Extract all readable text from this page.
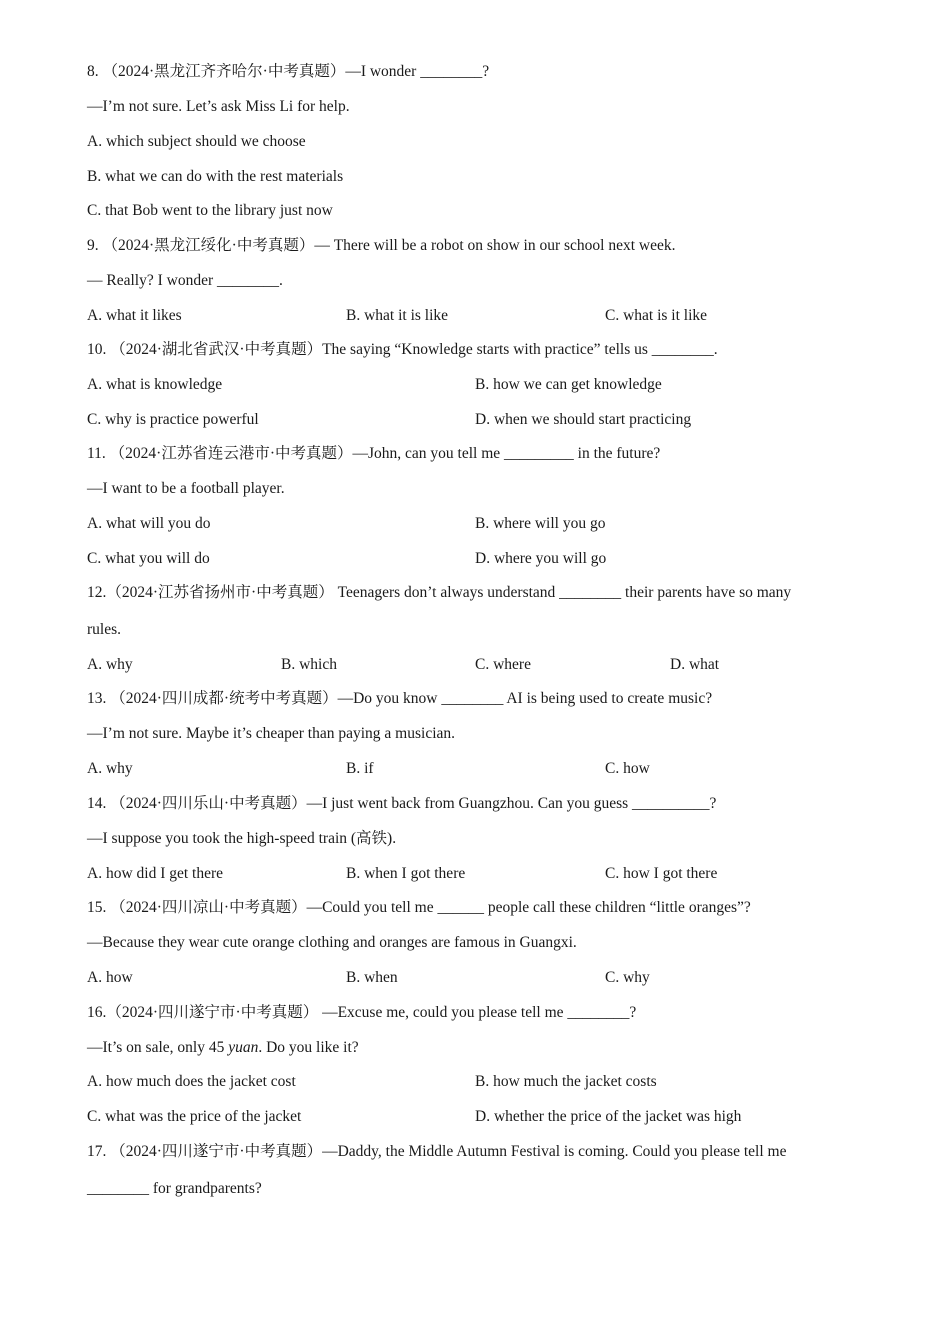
8. （2024·黑龙江齐齐哈尔·中考真题）—I wonder ________?
—I’m not sure. Let’s ask Miss Li for help.
A. which subject should we choose
B. what we can do with the rest materials
C. that Bob went to the library just now
9. （2024·黑龙江绥化·中考真题）— There will be a robot on show in our school next week.
— Really? I wonder ________.
A. what it likes	B. what it is like	C. what is it like
10. （2024·湖北省武汉·中考真题）The saying “Knowledge starts with practice” tells us ________.
A. what is knowledge	B. how we can get knowledge
C. why is practice powerful	D. when we should start practicing
11. （2024·江苏省连云港市·中考真题）—John, can you tell me _________ in the future?
—I want to be a football player.
A. what will you do	B. where will you go
C. what you will do	D. where you will go
12.（2024·江苏省扬州市·中考真题） Teenagers don’t always understand ________ their parents have so many
rules.
A. why	B. which	C. where	D. what
13. （2024·四川成都·统考中考真题）—Do you know ________ AI is being used to create music?
—I’m not sure. Maybe it’s cheaper than paying a musician.
A. why	B. if	C. how
14. （2024·四川乐山·中考真题）—I just went back from Guangzhou. Can you guess __________?
—I suppose you took the high-speed train (高铁).
A. how did I get there	B. when I got there	C. how I got there
15. （2024·四川凉山·中考真题）—Could you tell me ______ people call these children “little oranges”?
—Because they wear cute orange clothing and oranges are famous in Guangxi.
A. how	B. when	C. why
16.（2024·四川遂宁市·中考真题） —Excuse me, could you please tell me ________?
—It’s on sale, only 45 yuan. Do you like it?
A. how much does the jacket cost	B. how much the jacket costs
C. what was the price of the jacket	D. whether the price of the jacket was high
17. （2024·四川遂宁市·中考真题）—Daddy, the Middle Autumn Festival is coming. Could you please tell me
________ for grandparents?
